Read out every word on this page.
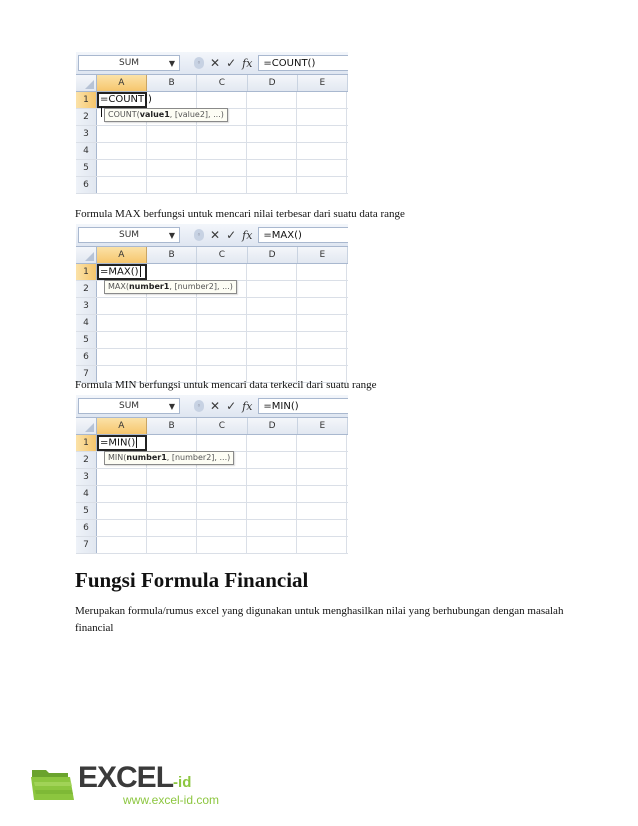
SUM	▼	◦ ✕ ✓ fx	=COUNT()
A	B	C	D	E
1	=COUNT()
2
3
4
5
6
COUNT(value1, [value2], ...)
Formula MAX berfungsi untuk mencari nilai terbesar dari suatu data range
SUM	▼	◦ ✕ ✓ fx	=MAX()
A	B	C	D	E
1	=MAX()
2
3
4
5
6
7
MAX(number1, [number2], ...)
Formula MIN berfungsi untuk mencari data terkecil dari suatu range
SUM	▼	◦ ✕ ✓ fx	=MIN()
A	B	C	D	E
1	=MIN()
2
3
4
5
6
7
MIN(number1, [number2], ...)
Fungsi Formula Financial
Merupakan formula/rumus excel yang digunakan untuk menghasilkan nilai yang berhubungan dengan masalah financial
EXCEL-id
www.excel-id.com
